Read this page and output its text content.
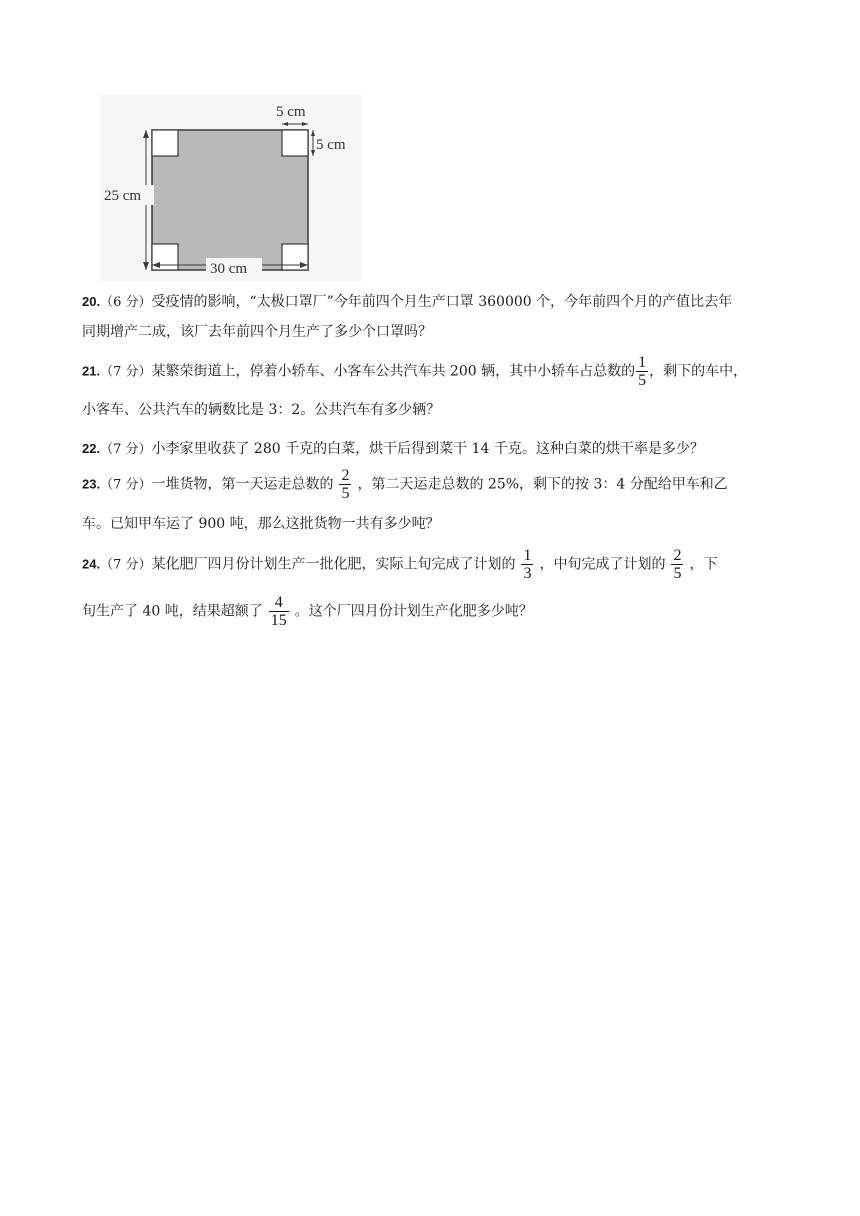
25 cm
30 cm
5 cm
5 cm
20.（6 分）受疫情的影响，“太极口罩厂”今年前四个月生产口罩 360000 个，今年前四个月的产值比去年
同期增产二成，该厂去年前四个月生产了多少个口罩吗？
21.（7 分）某繁荣街道上，停着小轿车、小客车公共汽车共 200 辆，其中小轿车占总数的 $\frac{1}{5}$ ，剩下的车中，
小客车、公共汽车的辆数比是 3：2。公共汽车有多少辆？
22.（7 分）小李家里收获了 280 千克的白菜，烘干后得到菜干 14 千克。这种白菜的烘干率是多少？
23.（7 分）一堆货物，第一天运走总数的 $\frac{2}{5}$ ，第二天运走总数的 25%，剩下的按 3：4 分配给甲车和乙
车。已知甲车运了 900 吨，那么这批货物一共有多少吨？
24.（7 分）某化肥厂四月份计划生产一批化肥，实际上旬完成了计划的 $\frac{1}{3}$ ，中旬完成了计划的 $\frac{2}{5}$ ，下
旬生产了 40 吨，结果超额了 $\frac{4}{15}$ 。这个厂四月份计划生产化肥多少吨？
